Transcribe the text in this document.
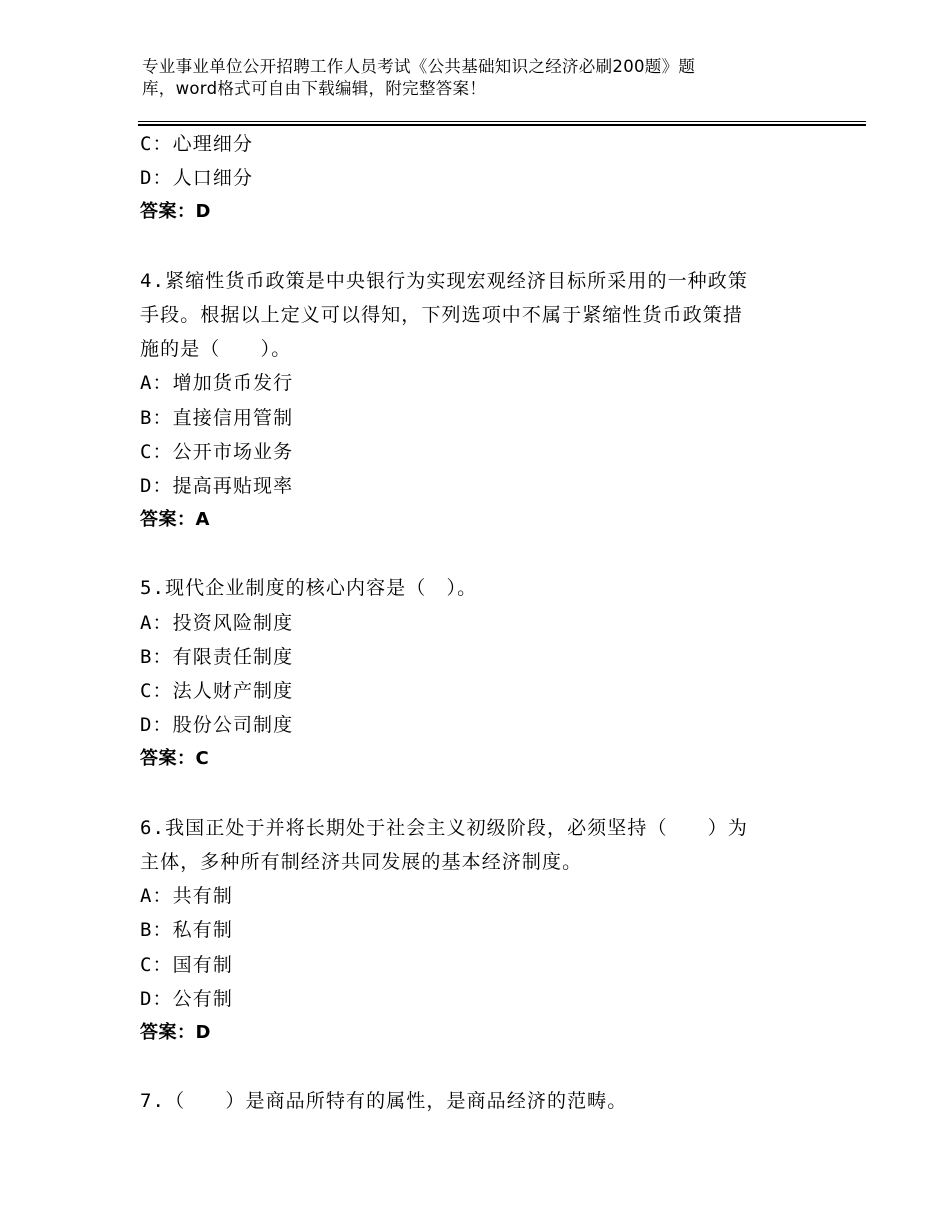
专业事业单位公开招聘工作人员考试《公共基础知识之经济必刷200题》题
库，word格式可自由下载编辑，附完整答案！
C：心理细分
D：人口细分
答案：D
4.紧缩性货币政策是中央银行为实现宏观经济目标所采用的一种政策
手段。根据以上定义可以得知，下列选项中不属于紧缩性货币政策措
施的是（　　）。
A：增加货币发行
B：直接信用管制
C：公开市场业务
D：提高再贴现率
答案：A
5.现代企业制度的核心内容是（　）。
A：投资风险制度
B：有限责任制度
C：法人财产制度
D：股份公司制度
答案：C
6.我国正处于并将长期处于社会主义初级阶段，必须坚持（　　）为
主体，多种所有制经济共同发展的基本经济制度。
A：共有制
B：私有制
C：国有制
D：公有制
答案：D
7.（　　）是商品所特有的属性，是商品经济的范畴。
